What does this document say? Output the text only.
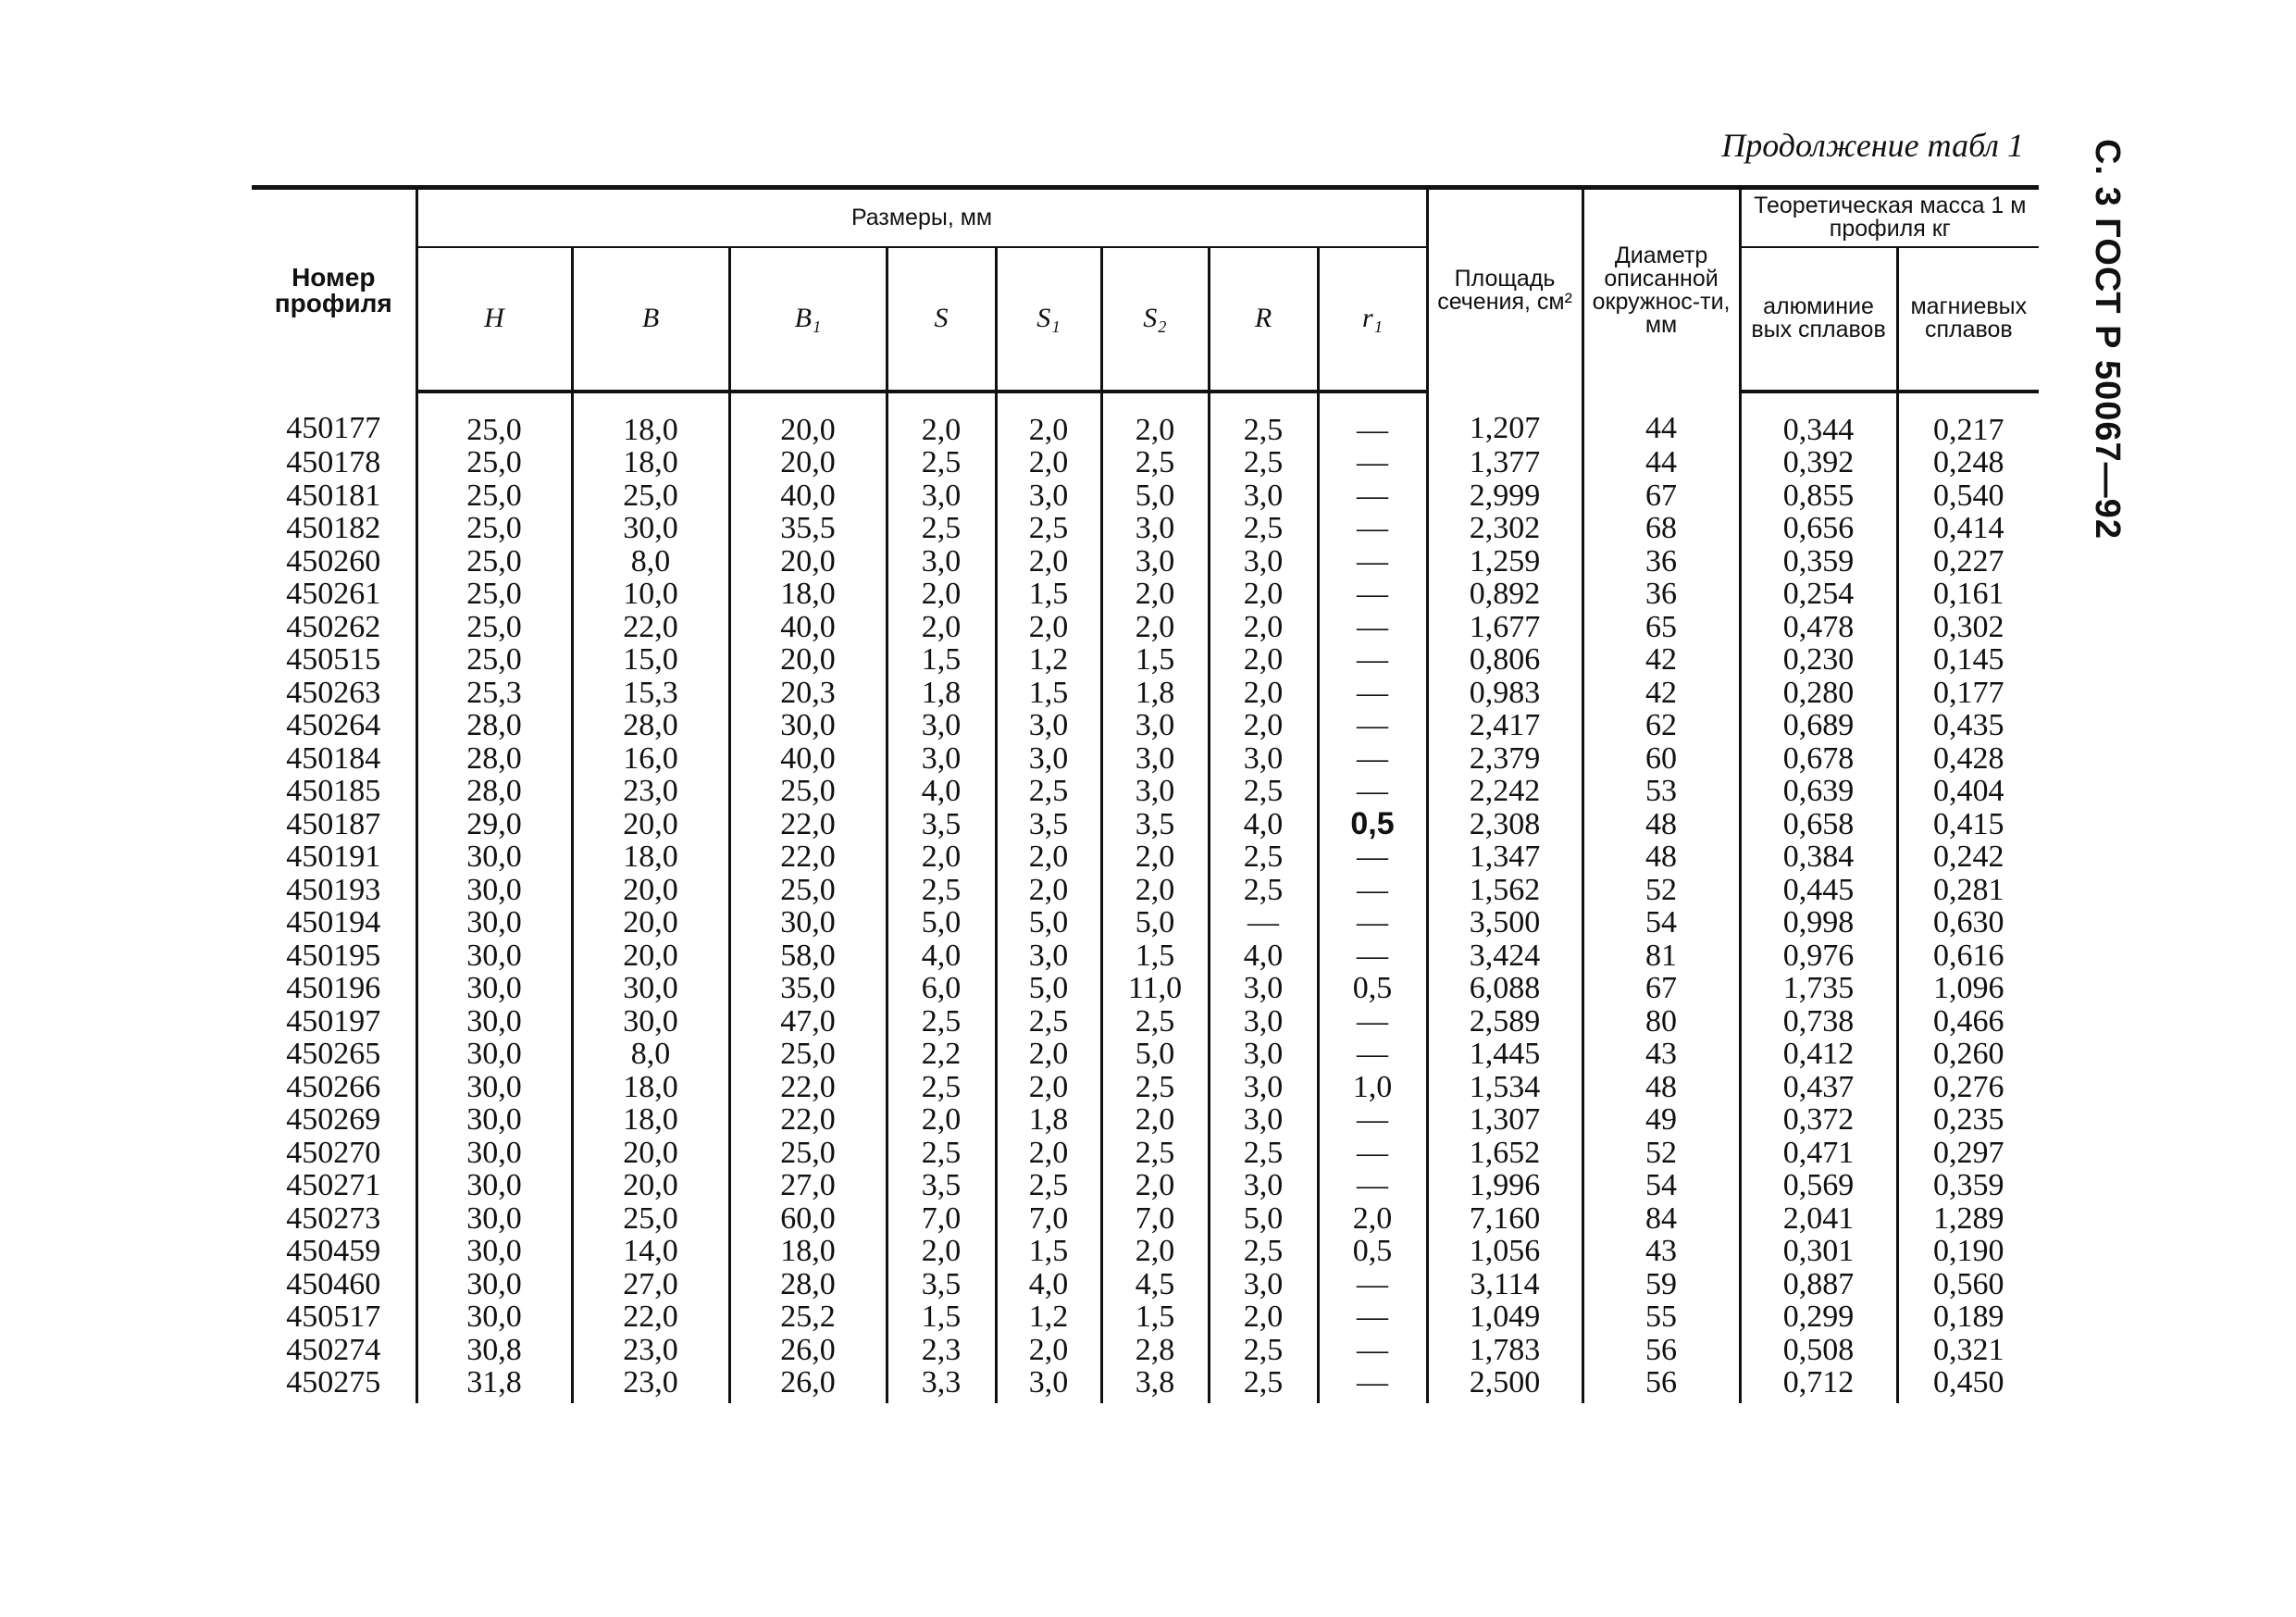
Продолжение табл 1 С. 3 ГОСТ Р 50067—92
Номер профиля	Размеры, мм								Площадь сечения, см²	Диаметр описанной окружнос-ти, мм	Теоретическая масса 1 м профиля кг	
	H	B	B₁	S	S₁	S₂	R	r₁			алюминие вых сплавов	магниевых сплавов
450177	25,0	18,0	20,0	2,0	2,0	2,0	2,5	—	1,207	44	0,344	0,217
450178	25,0	18,0	20,0	2,5	2,0	2,5	2,5	—	1,377	44	0,392	0,248
450181	25,0	25,0	40,0	3,0	3,0	5,0	3,0	—	2,999	67	0,855	0,540
450182	25,0	30,0	35,5	2,5	2,5	3,0	2,5	—	2,302	68	0,656	0,414
450260	25,0	8,0	20,0	3,0	2,0	3,0	3,0	—	1,259	36	0,359	0,227
450261	25,0	10,0	18,0	2,0	1,5	2,0	2,0	—	0,892	36	0,254	0,161
450262	25,0	22,0	40,0	2,0	2,0	2,0	2,0	—	1,677	65	0,478	0,302
450515	25,0	15,0	20,0	1,5	1,2	1,5	2,0	—	0,806	42	0,230	0,145
450263	25,3	15,3	20,3	1,8	1,5	1,8	2,0	—	0,983	42	0,280	0,177
450264	28,0	28,0	30,0	3,0	3,0	3,0	2,0	—	2,417	62	0,689	0,435
450184	28,0	16,0	40,0	3,0	3,0	3,0	3,0	—	2,379	60	0,678	0,428
450185	28,0	23,0	25,0	4,0	2,5	3,0	2,5	—	2,242	53	0,639	0,404
450187	29,0	20,0	22,0	3,5	3,5	3,5	4,0	0,5	2,308	48	0,658	0,415
450191	30,0	18,0	22,0	2,0	2,0	2,0	2,5	—	1,347	48	0,384	0,242
450193	30,0	20,0	25,0	2,5	2,0	2,0	2,5	—	1,562	52	0,445	0,281
450194	30,0	20,0	30,0	5,0	5,0	5,0	—	—	3,500	54	0,998	0,630
450195	30,0	20,0	58,0	4,0	3,0	1,5	4,0	—	3,424	81	0,976	0,616
450196	30,0	30,0	35,0	6,0	5,0	11,0	3,0	0,5	6,088	67	1,735	1,096
450197	30,0	30,0	47,0	2,5	2,5	2,5	3,0	—	2,589	80	0,738	0,466
450265	30,0	8,0	25,0	2,2	2,0	5,0	3,0	—	1,445	43	0,412	0,260
450266	30,0	18,0	22,0	2,5	2,0	2,5	3,0	1,0	1,534	48	0,437	0,276
450269	30,0	18,0	22,0	2,0	1,8	2,0	3,0	—	1,307	49	0,372	0,235
450270	30,0	20,0	25,0	2,5	2,0	2,5	2,5	—	1,652	52	0,471	0,297
450271	30,0	20,0	27,0	3,5	2,5	2,0	3,0	—	1,996	54	0,569	0,359
450273	30,0	25,0	60,0	7,0	7,0	7,0	5,0	2,0	7,160	84	2,041	1,289
450459	30,0	14,0	18,0	2,0	1,5	2,0	2,5	0,5	1,056	43	0,301	0,190
450460	30,0	27,0	28,0	3,5	4,0	4,5	3,0	—	3,114	59	0,887	0,560
450517	30,0	22,0	25,2	1,5	1,2	1,5	2,0	—	1,049	55	0,299	0,189
450274	30,8	23,0	26,0	2,3	2,0	2,8	2,5	—	1,783	56	0,508	0,321
450275	31,8	23,0	26,0	3,3	3,0	3,8	2,5	—	2,500	56	0,712	0,450
